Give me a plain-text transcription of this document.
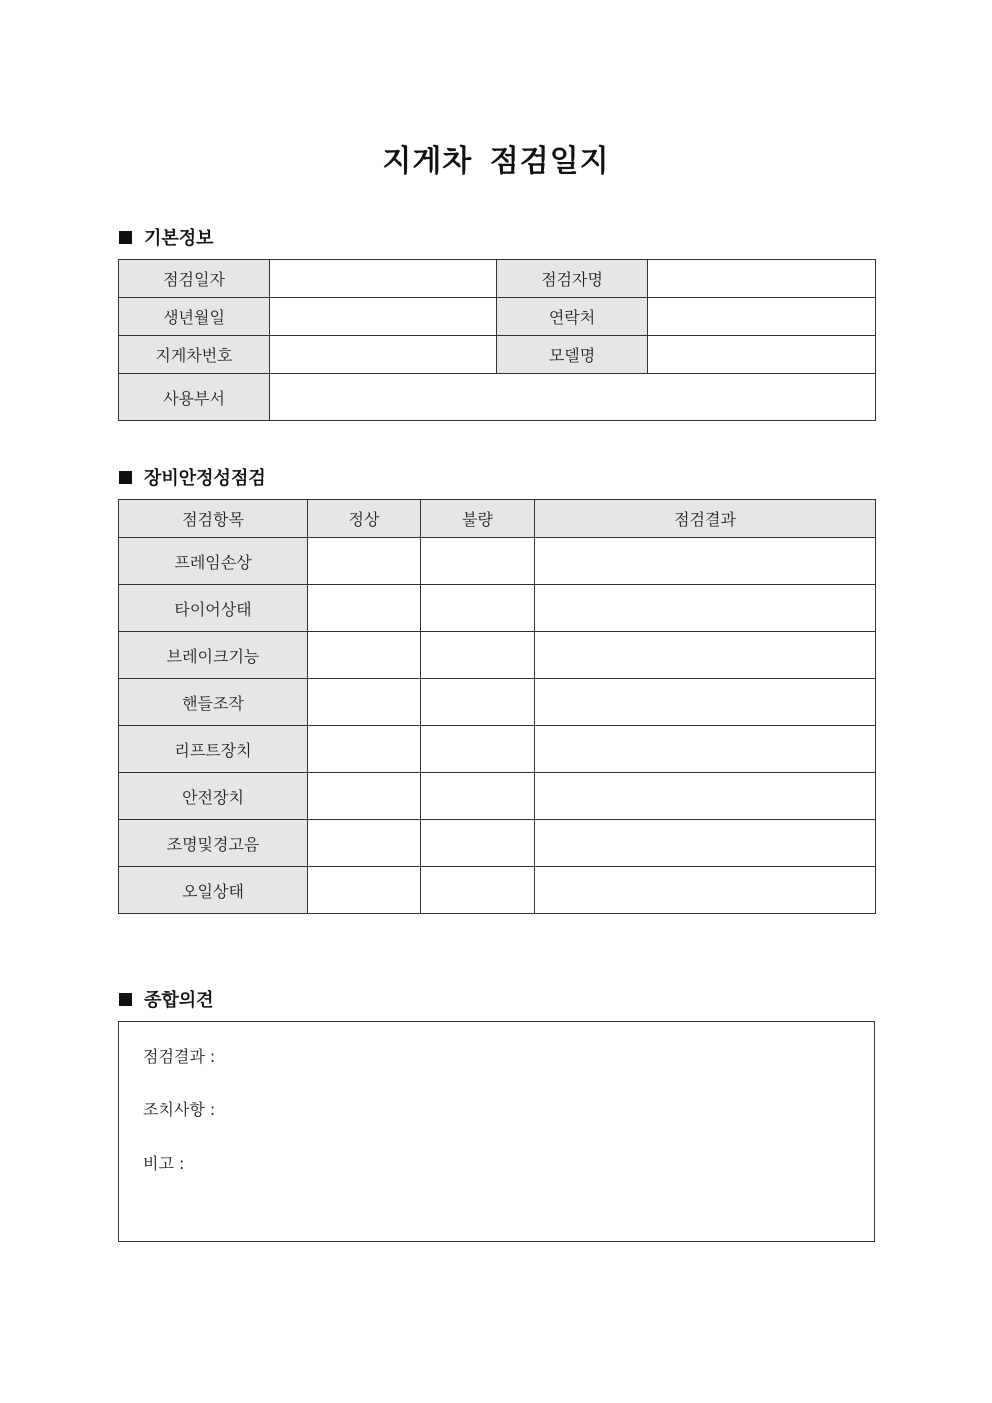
지게차 점검일지
기본정보
점검일자		점검자명	
생년월일		연락처	
지게차번호		모델명	
사용부서			
장비안정성점검
점검항목	정상	불량	점검결과
프레임손상			
타이어상태			
브레이크기능			
핸들조작			
리프트장치			
안전장치			
조명및경고음			
오일상태			
종합의견
점검결과 :
조치사항 :
비고 :
